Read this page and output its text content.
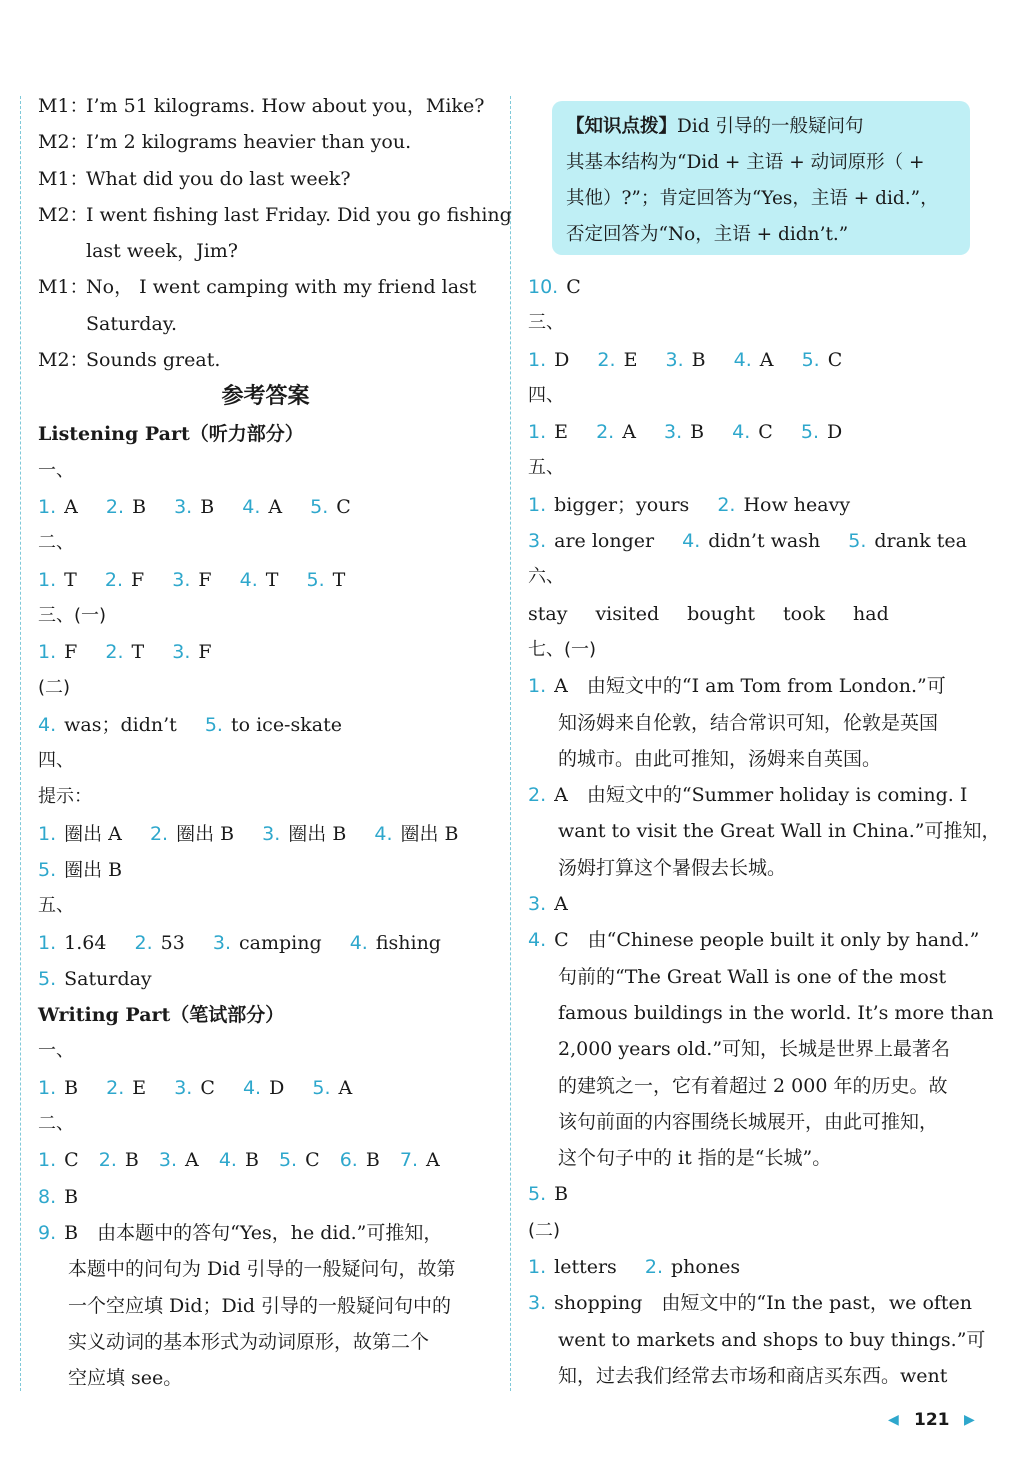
M1：I’m 51 kilograms. How about you，Mike?
M2：I’m 2 kilograms heavier than you.
M1：What did you do last week?
M2：I went fishing last Friday. Did you go fishing
last week，Jim?
M1：No， I went camping with my friend last
Saturday.
M2：Sounds great.
参考答案
Listening Part（听力部分）
一、
1. A 2. B 3. B 4. A 5. C
二、
1. T 2. F 3. F 4. T 5. T
三、(一)
1. F 2. T 3. F
(二)
4. was；didn’t 5. to ice-skate
四、
提示：
1. 圈出 A 2. 圈出 B 3. 圈出 B 4. 圈出 B
5. 圈出 B
五、
1. 1.64 2. 53 3. camping 4. fishing
5. Saturday
Writing Part（笔试部分）
一、
1. B 2. E 3. C 4. D 5. A
二、
1. C 2. B 3. A 4. B 5. C 6. B 7. A
8. B
9. B　由本题中的答句“Yes，he did.”可推知，
本题中的问句为 Did 引导的一般疑问句，故第
一个空应填 Did；Did 引导的一般疑问句中的
实义动词的基本形式为动词原形，故第二个
空应填 see。
【知识点拨】Did 引导的一般疑问句
其基本结构为“Did + 主语 + 动词原形（ +
其他）?”；肯定回答为“Yes，主语 + did.”，
否定回答为“No，主语 + didn’t.”
10. C
三、
1. D 2. E 3. B 4. A 5. C
四、
1. E 2. A 3. B 4. C 5. D
五、
1. bigger；yours 2. How heavy
3. are longer 4. didn’t wash 5. drank tea
六、
stay visited bought took had
七、(一)
1. A　由短文中的“I am Tom from London.”可
知汤姆来自伦敦，结合常识可知，伦敦是英国
的城市。由此可推知，汤姆来自英国。
2. A　由短文中的“Summer holiday is coming. I
want to visit the Great Wall in China.”可推知，
汤姆打算这个暑假去长城。
3. A
4. C　由“Chinese people built it only by hand.”
句前的“The Great Wall is one of the most
famous buildings in the world. It’s more than
2,000 years old.”可知，长城是世界上最著名
的建筑之一，它有着超过 2 000 年的历史。故
该句前面的内容围绕长城展开，由此可推知，
这个句子中的 it 指的是“长城”。
5. B
(二)
1. letters 2. phones
3. shopping　由短文中的“In the past，we often
went to markets and shops to buy things.”可
知，过去我们经常去市场和商店买东西。went
◀ 121 ▶
